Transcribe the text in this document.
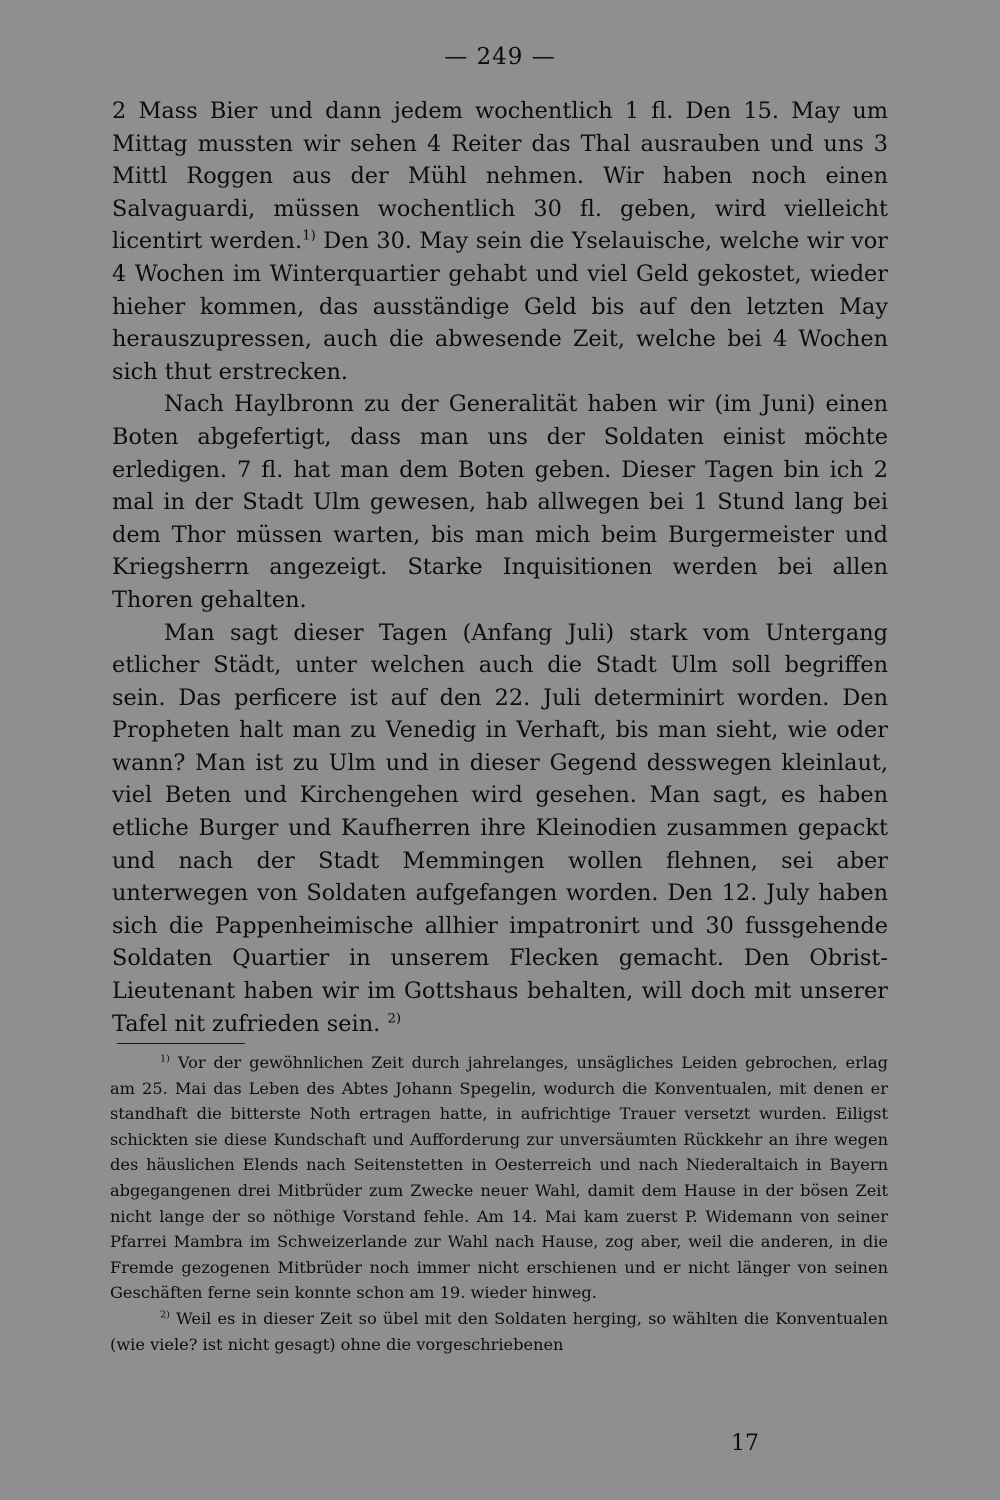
— 249 —

2 Mass Bier und dann jedem wochentlich 1 fl. Den 15. May um Mittag mussten wir sehen 4 Reiter das Thal ausrauben und uns 3 Mittl Roggen aus der Mühl nehmen. Wir haben noch einen Salvaguardi, müssen wochentlich 30 fl. geben, wird vielleicht licentirt werden.$^{1)}$ Den 30. May sein die Yselauische, welche wir vor 4 Wochen im Winterquartier gehabt und viel Geld gekostet, wieder hieher kommen, das ausständige Geld bis auf den letzten May herauszupressen, auch die abwesende Zeit, welche bei 4 Wochen sich thut erstrecken.

Nach Haylbronn zu der Generalität haben wir (im Juni) einen Boten abgefertigt, dass man uns der Soldaten einist möchte erledigen. 7 fl. hat man dem Boten geben. Dieser Tagen bin ich 2 mal in der Stadt Ulm gewesen, hab allwegen bei 1 Stund lang bei dem Thor müssen warten, bis man mich beim Burgermeister und Kriegsherrn angezeigt. Starke Inquisitionen werden bei allen Thoren gehalten.

Man sagt dieser Tagen (Anfang Juli) stark vom Untergang etlicher Städt, unter welchen auch die Stadt Ulm soll begriffen sein. Das perficere ist auf den 22. Juli determinirt worden. Den Propheten halt man zu Venedig in Verhaft, bis man sieht, wie oder wann? Man ist zu Ulm und in dieser Gegend desswegen kleinlaut, viel Beten und Kirchengehen wird gesehen. Man sagt, es haben etliche Burger und Kaufherren ihre Kleinodien zusammen gepackt und nach der Stadt Memmingen wollen flehnen, sei aber unterwegen von Soldaten aufgefangen worden. Den 12. July haben sich die Pappenheimische allhier impatronirt und 30 fussgehende Soldaten Quartier in unserem Flecken gemacht. Den Obrist-Lieutenant haben wir im Gottshaus behalten, will doch mit unserer Tafel nit zufrieden sein. $^{2)}$

$^{1)}$ Vor der gewöhnlichen Zeit durch jahrelanges, unsägliches Leiden gebrochen, erlag am 25. Mai das Leben des Abtes Johann Spegelin, wodurch die Konventualen, mit denen er standhaft die bitterste Noth ertragen hatte, in aufrichtige Trauer versetzt wurden. Eiligst schickten sie diese Kundschaft und Aufforderung zur unversäumten Rückkehr an ihre wegen des häuslichen Elends nach Seitenstetten in Oesterreich und nach Niederaltaich in Bayern abgegangenen drei Mitbrüder zum Zwecke neuer Wahl, damit dem Hause in der bösen Zeit nicht lange der so nöthige Vorstand fehle. Am 14. Mai kam zuerst P. Widemann von seiner Pfarrei Mambra im Schweizerlande zur Wahl nach Hause, zog aber, weil die anderen, in die Fremde gezogenen Mitbrüder noch immer nicht erschienen und er nicht länger von seinen Geschäften ferne sein konnte schon am 19. wieder hinweg.

$^{2)}$ Weil es in dieser Zeit so übel mit den Soldaten herging, so wählten die Konventualen (wie viele? ist nicht gesagt) ohne die vorgeschriebenen

17
